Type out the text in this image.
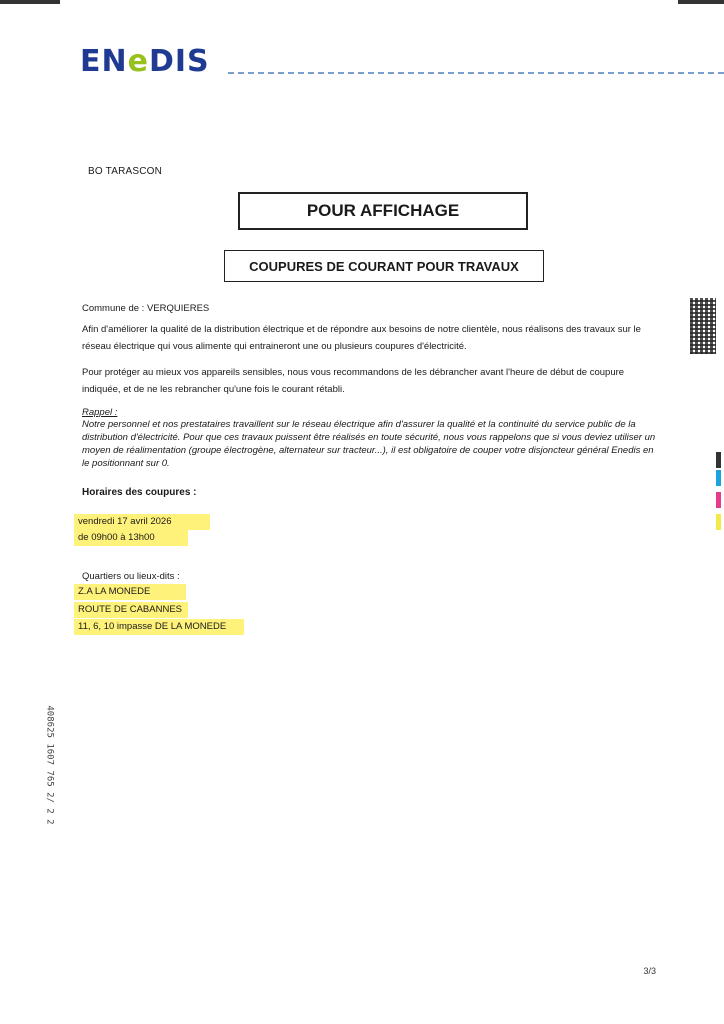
ENeDIS
BO TARASCON
POUR AFFICHAGE
COUPURES DE COURANT POUR TRAVAUX
Commune de : VERQUIERES
Afin d'améliorer la qualité de la distribution électrique et de répondre aux besoins de notre clientèle, nous réalisons des travaux sur le réseau électrique qui vous alimente qui entraineront une ou plusieurs coupures d'électricité.
Pour protéger au mieux vos appareils sensibles, nous vous recommandons de les débrancher avant l'heure de début de coupure indiquée, et de ne les rebrancher qu'une fois le courant rétabli.
Rappel :
Notre personnel et nos prestataires travaillent sur le réseau électrique afin d'assurer la qualité et la continuité du service public de la distribution d'électricité. Pour que ces travaux puissent être réalisés en toute sécurité, nous vous rappelons que si vous deviez utiliser un moyen de réalimentation (groupe électrogène, alternateur sur tracteur...), il est obligatoire de couper votre disjoncteur général Enedis en le positionnant sur 0.
Horaires des coupures :
vendredi 17 avril 2026
de 09h00 à 13h00
Quartiers ou lieux-dits :
Z.A LA MONEDE
ROUTE DE CABANNES
11, 6, 10 impasse DE LA MONEDE
408625 1607 765 2/ 2 2
3/3
